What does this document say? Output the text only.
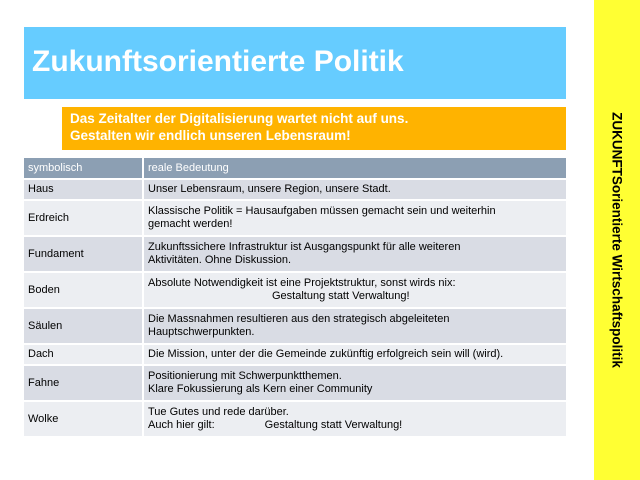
Zukunftsorientierte Politik
Das Zeitalter der Digitalisierung wartet nicht auf uns.
Gestalten wir endlich unseren Lebensraum!	ZUKUNFTSorientierte Wirtschaftspolitik
symbolisch	reale Bedeutung
Haus	Unser Lebensraum, unsere Region, unsere Stadt.

Erdreich	Klassische Politik = Hausaufgaben müssen gemacht sein und weiterhin
gemacht werden!

Fundament	Zukunftssichere Infrastruktur ist Ausgangspunkt für alle weiteren
Aktivitäten. Ohne Diskussion.

Boden	Absolute Notwendigkeit ist eine Projektstruktur, sonst wirds nix:
Gestaltung statt Verwaltung!

Säulen	Die Massnahmen resultieren aus den strategisch abgeleiteten
Hauptschwerpunkten.

Dach	Die Mission, unter der die Gemeinde zukünftig erfolgreich sein will (wird).

Fahne	Positionierung mit Schwerpunktthemen.
Klare Fokussierung als Kern einer Community

Wolke	Tue Gutes und rede darüber.
Auch hier gilt: Gestaltung statt Verwaltung!
